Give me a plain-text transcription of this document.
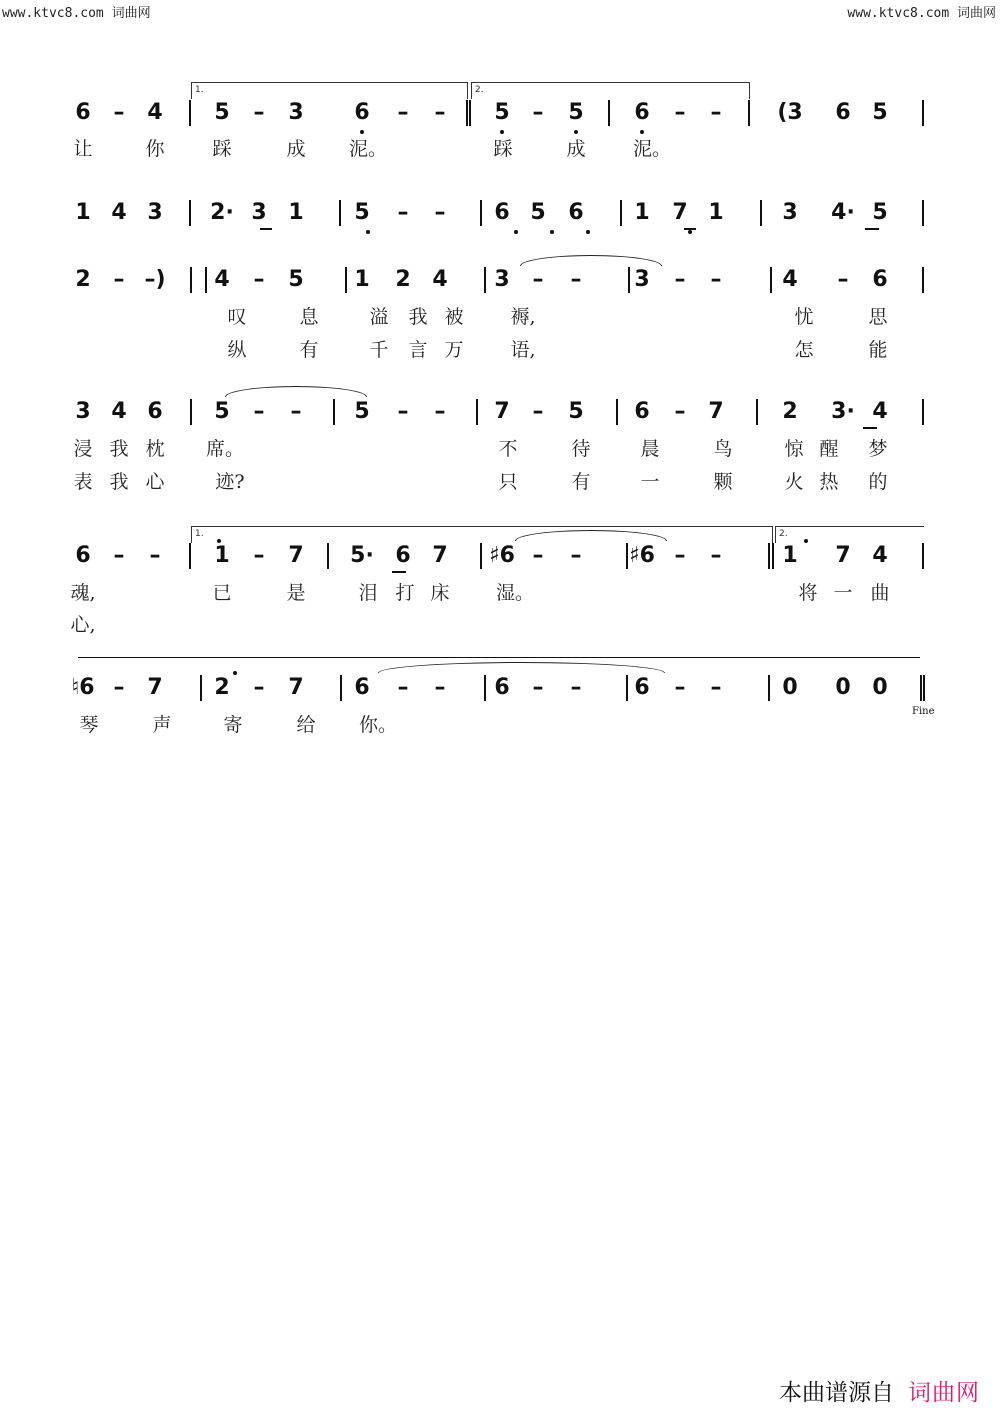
www.ktvc8.com 词曲网	www.ktvc8.com 词曲网
6 – 4 5 – 3 6 – – 5 – 5 6 – –	(3 6 5
让	你	踩	成 泥。	踩	成 泥。
1 4 3 2· 3 1 5 – – 6 5 6 1 7 1	3 4· 5
2 – –) 4 – 5 1 2 4 3 – – 3 – –	4 – 6
叹	息	溢 我 被 褥,	忧	思
纵	有	千 言 万 语,	怎	能
3 4 6 5 – – 5 – – 7 – 5 6 – 7	2 3· 4
浸 我 枕 席。	不	待	晨	鸟	惊 醒 梦
表 我 心	迹?	只	有	一	颗	火 热 的
6 – – 1 – 7 5· 6 7 ♯6 – – ♯6 – –	1 7 4
魂,	已	是	泪 打 床 湿。	将 一 曲
心,
♮6 – 7 2 – 7 6 – – 6 – – 6 – –	0 0 0
琴	声	寄	给 你。
Fine
1.	2.
1.	2.
本曲谱源自 词曲网
